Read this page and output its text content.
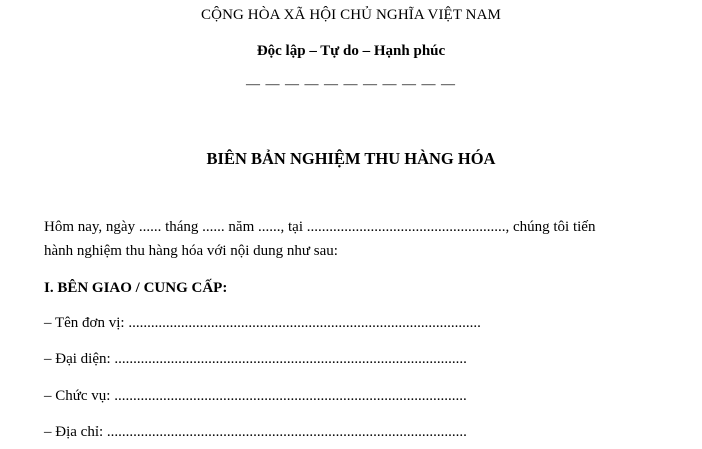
CỘNG HÒA XÃ HỘI CHỦ NGHĨA VIỆT NAM
Độc lập – Tự do – Hạnh phúc
— — — — — — — — — — —
BIÊN BẢN NGHIỆM THU HÀNG HÓA
Hôm nay, ngày ...... tháng ...... năm ......, tại ....................................................., chúng tôi tiến
hành nghiệm thu hàng hóa với nội dung như sau:
I. BÊN GIAO / CUNG CẤP:
– Tên đơn vị: ..............................................................................................
– Đại diện: ..............................................................................................
– Chức vụ: ..............................................................................................
– Địa chỉ: ................................................................................................
